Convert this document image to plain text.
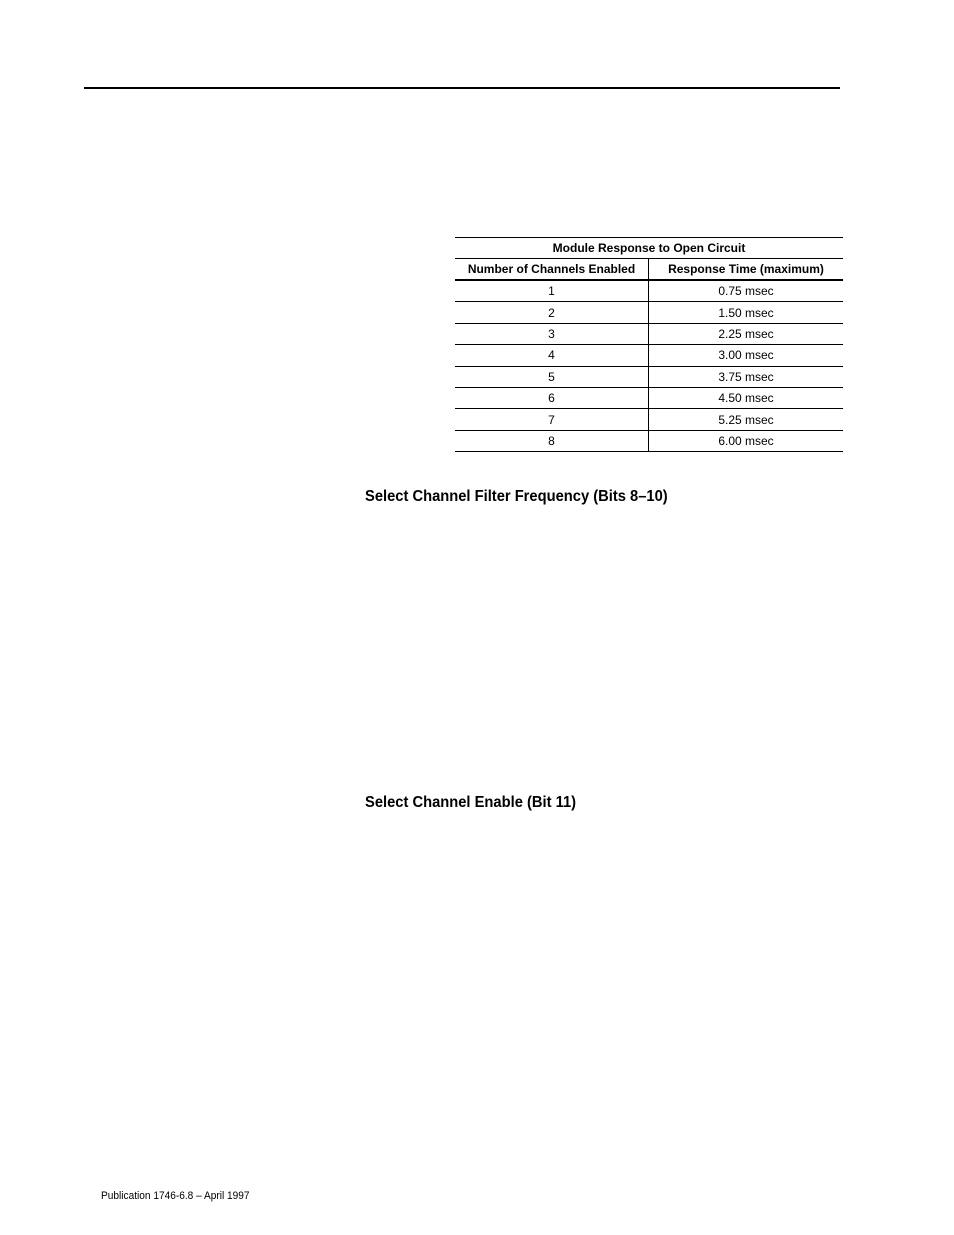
Module Response to Open Circuit
Number of Channels Enabled	Response Time (maximum)
1	0.75 msec
2	1.50 msec
3	2.25 msec
4	3.00 msec
5	3.75 msec
6	4.50 msec
7	5.25 msec
8	6.00 msec
Select Channel Filter Frequency (Bits 8–10)
Select Channel Enable (Bit 11)
Publication 1746-6.8 – April 1997
